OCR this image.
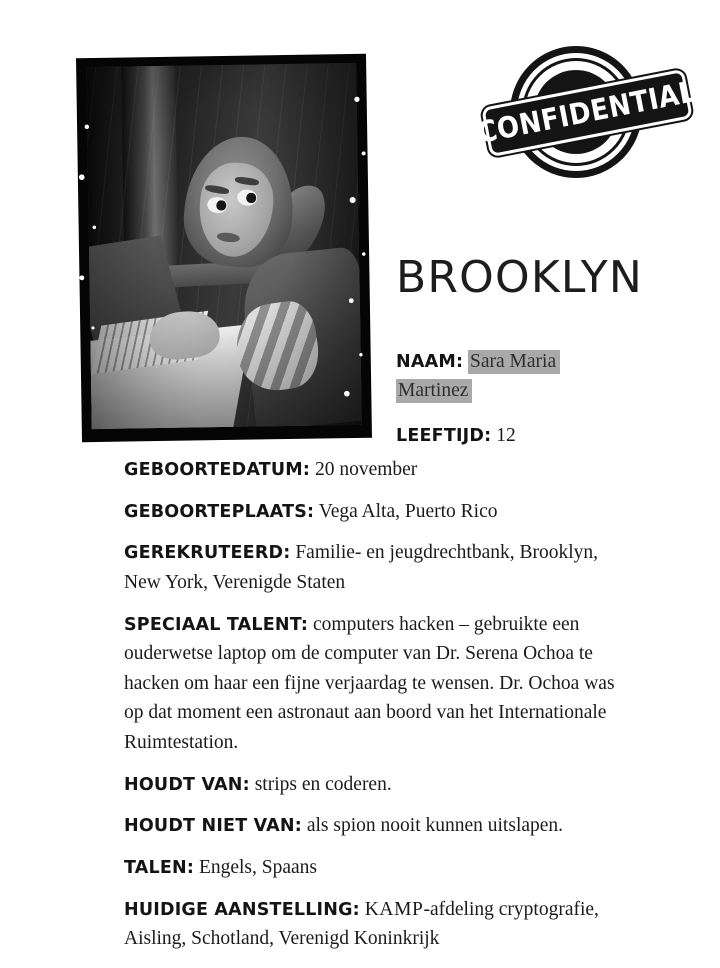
CONFIDENTIAL
BROOKLYN
NAAM: Sara Maria Martinez
LEEFTIJD: 12
GEBOORTEDATUM: 20 november
GEBOORTEPLAATS: Vega Alta, Puerto Rico
GEREKRUTEERD: Familie- en jeugdrechtbank, Brooklyn, New York, Verenigde Staten
SPECIAAL TALENT: computers hacken – gebruikte een ouderwetse laptop om de computer van Dr. Serena Ochoa te hacken om haar een fijne verjaardag te wensen. Dr. Ochoa was op dat moment een astronaut aan boord van het Internationale Ruimtestation.
HOUDT VAN: strips en coderen.
HOUDT NIET VAN: als spion nooit kunnen uitslapen.
TALEN: Engels, Spaans
HUIDIGE AANSTELLING: KAMP-afdeling cryptografie, Aisling, Schotland, Verenigd Koninkrijk
